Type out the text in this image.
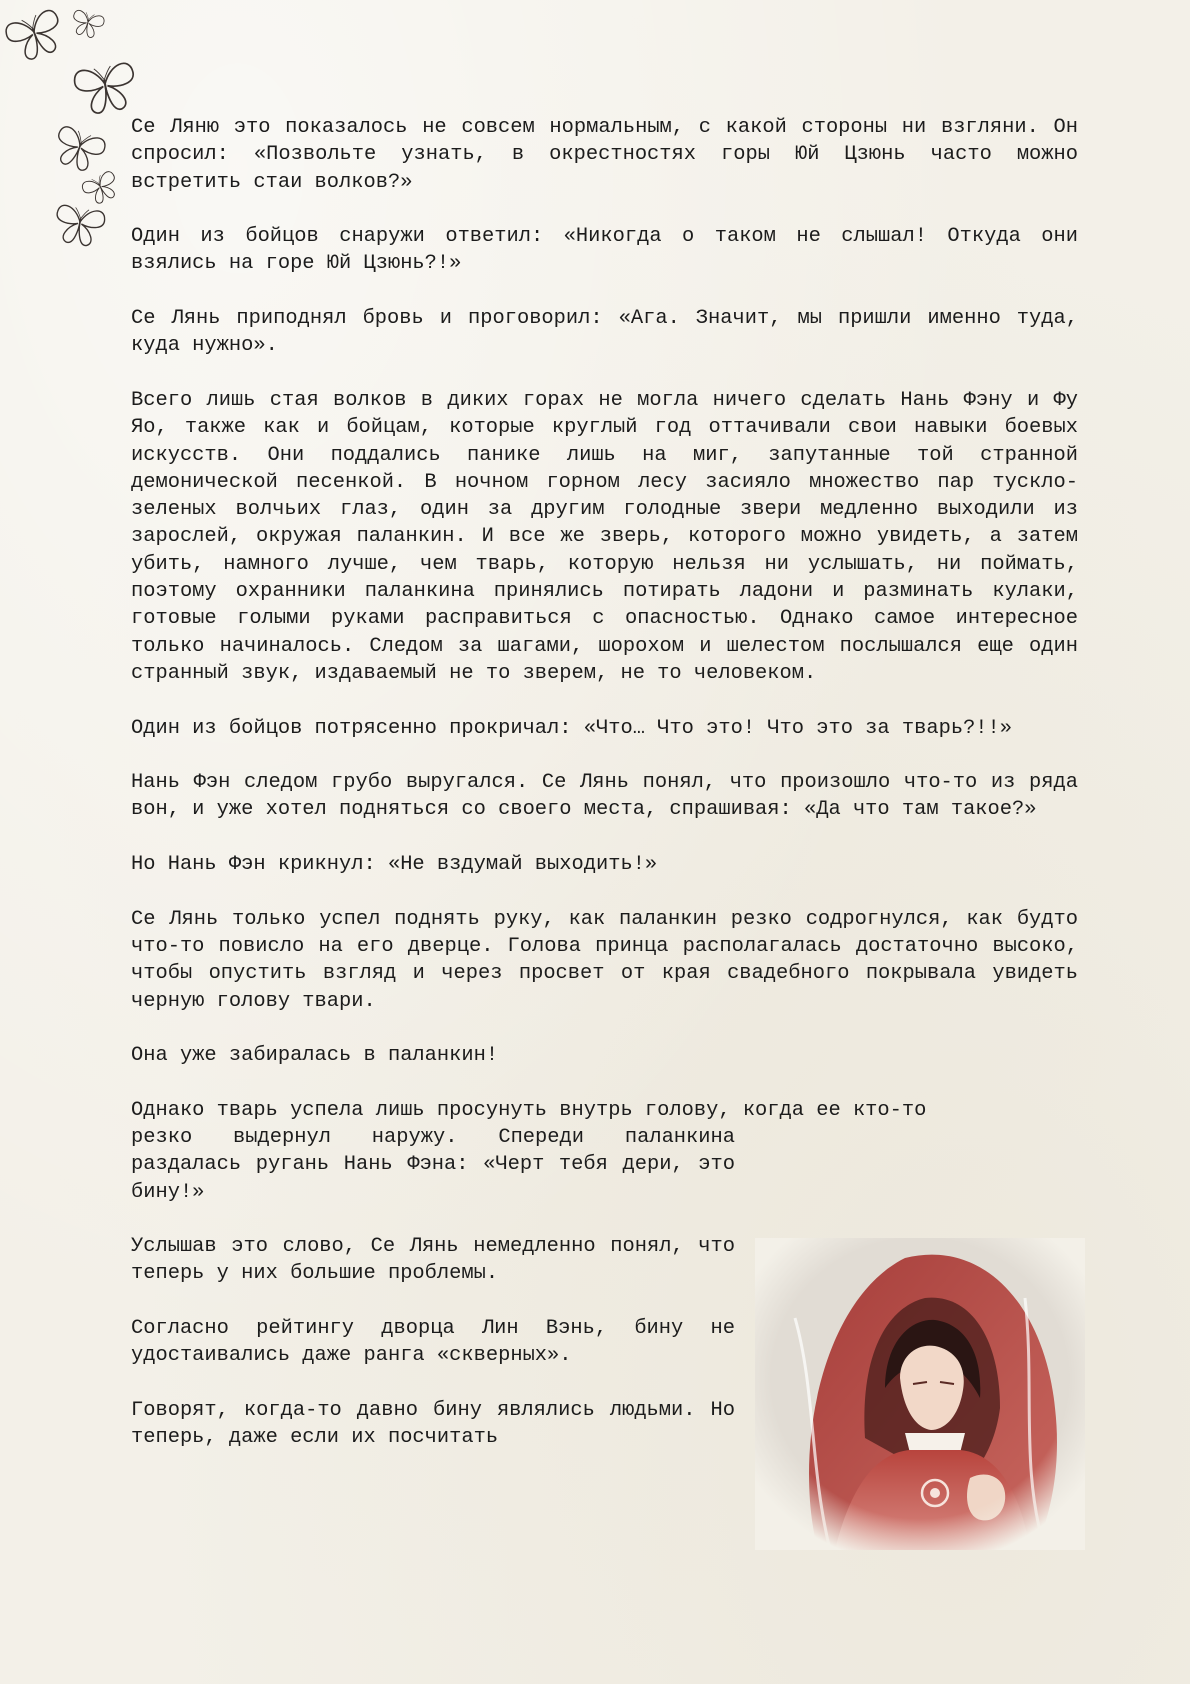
Се Ляню это показалось не совсем нормальным, с какой стороны ни взгляни. Он спросил: «Позвольте узнать, в окрестностях горы Юй Цзюнь часто можно встретить стаи волков?»

Один из бойцов снаружи ответил: «Никогда о таком не слышал! Откуда они взялись на горе Юй Цзюнь?!»

Се Лянь приподнял бровь и проговорил: «Ага. Значит, мы пришли именно туда, куда нужно».

Всего лишь стая волков в диких горах не могла ничего сделать Нань Фэну и Фу Яо, также как и бойцам, которые круглый год оттачивали свои навыки боевых искусств. Они поддались панике лишь на миг, запутанные той странной демонической песенкой. В ночном горном лесу засияло множество пар тускло-зеленых волчьих глаз, один за другим голодные звери медленно выходили из зарослей, окружая паланкин. И все же зверь, которого можно увидеть, а затем убить, намного лучше, чем тварь, которую нельзя ни услышать, ни поймать, поэтому охранники паланкина принялись потирать ладони и разминать кулаки, готовые голыми руками расправиться с опасностью. Однако самое интересное только начиналось. Следом за шагами, шорохом и шелестом послышался еще один странный звук, издаваемый не то зверем, не то человеком.

Один из бойцов потрясенно прокричал: «Что… Что это! Что это за тварь?!!»

Нань Фэн следом грубо выругался. Се Лянь понял, что произошло что-то из ряда вон, и уже хотел подняться со своего места, спрашивая: «Да что там такое?»

Но Нань Фэн крикнул: «Не вздумай выходить!»

Се Лянь только успел поднять руку, как паланкин резко содрогнулся, как будто что-то повисло на его дверце. Голова принца располагалась достаточно высоко, чтобы опустить взгляд и через просвет от края свадебного покрывала увидеть черную голову твари.

Она уже забиралась в паланкин!

Однако тварь успела лишь просунуть внутрь голову, когда ее кто-то
резко выдернул наружу. Спереди паланкина раздалась ругань Нань Фэна: «Черт тебя дери, это бину!»

Услышав это слово, Се Лянь немедленно понял, что теперь у них большие проблемы.

Согласно рейтингу дворца Лин Вэнь, бину не удостаивались даже ранга «скверных».

Говорят, когда-то давно бину являлись людьми. Но теперь, даже если их посчитать
